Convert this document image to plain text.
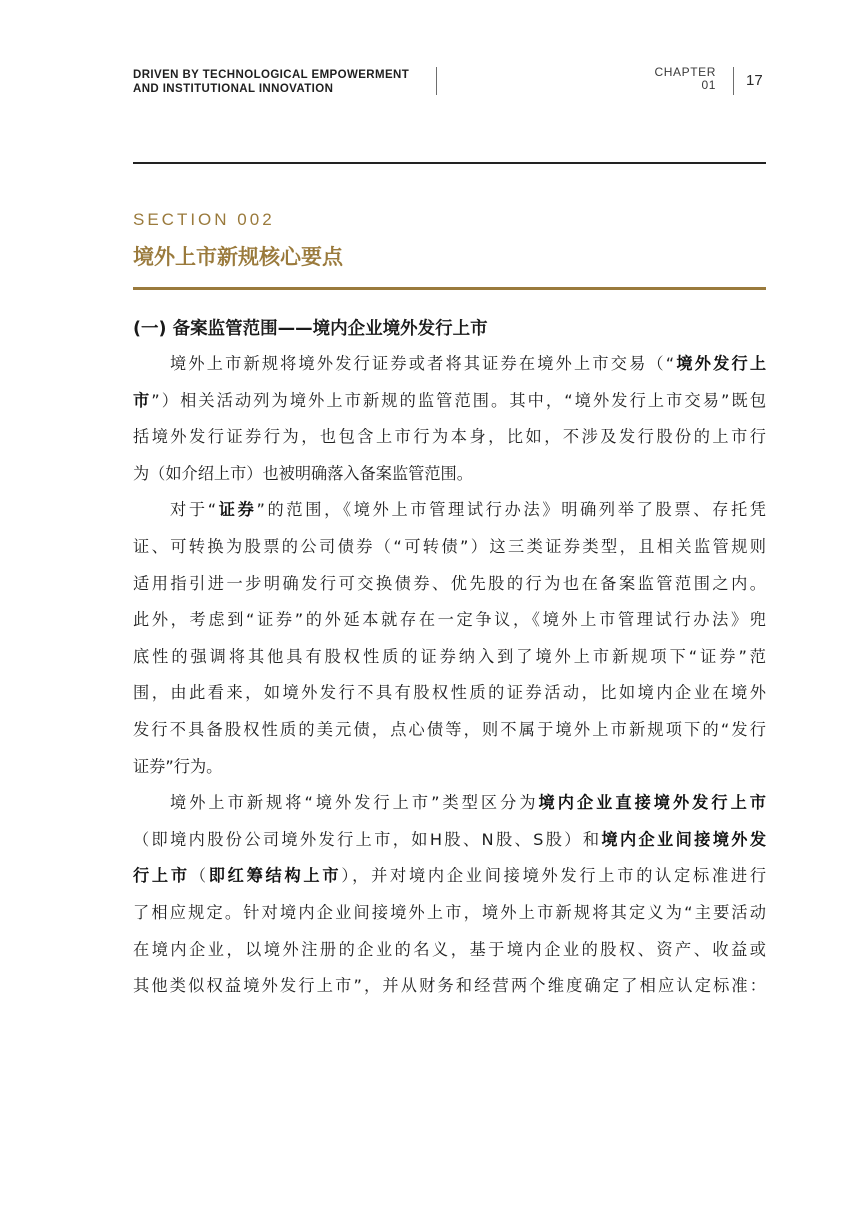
DRIVEN BY TECHNOLOGICAL EMPOWERMENT
AND INSTITUTIONAL INNOVATION
CHAPTER
01 17
SECTION 002
境外上市新规核心要点
(一) 备案监管范围——境内企业境外发行上市
境外上市新规将境外发行证券或者将其证券在境外上市交易（“境外发行上
市”）相关活动列为境外上市新规的监管范围。其中，“境外发行上市交易”既包
括境外发行证券行为，也包含上市行为本身，比如，不涉及发行股份的上市行
为（如介绍上市）也被明确落入备案监管范围。
对于“证券”的范围，《境外上市管理试行办法》明确列举了股票、存托凭
证、可转换为股票的公司债券（“可转债”）这三类证券类型，且相关监管规则
适用指引进一步明确发行可交换债券、优先股的行为也在备案监管范围之内。
此外，考虑到“证券”的外延本就存在一定争议，《境外上市管理试行办法》兜
底性的强调将其他具有股权性质的证券纳入到了境外上市新规项下“证券”范
围，由此看来，如境外发行不具有股权性质的证券活动，比如境内企业在境外
发行不具备股权性质的美元债，点心债等，则不属于境外上市新规项下的“发行
证券”行为。
境外上市新规将“境外发行上市”类型区分为境内企业直接境外发行上市
（即境内股份公司境外发行上市，如H股、N股、S股）和境内企业间接境外发
行上市（即红筹结构上市），并对境内企业间接境外发行上市的认定标准进行
了相应规定。针对境内企业间接境外上市，境外上市新规将其定义为“主要活动
在境内企业，以境外注册的企业的名义，基于境内企业的股权、资产、收益或
其他类似权益境外发行上市”，并从财务和经营两个维度确定了相应认定标准：
